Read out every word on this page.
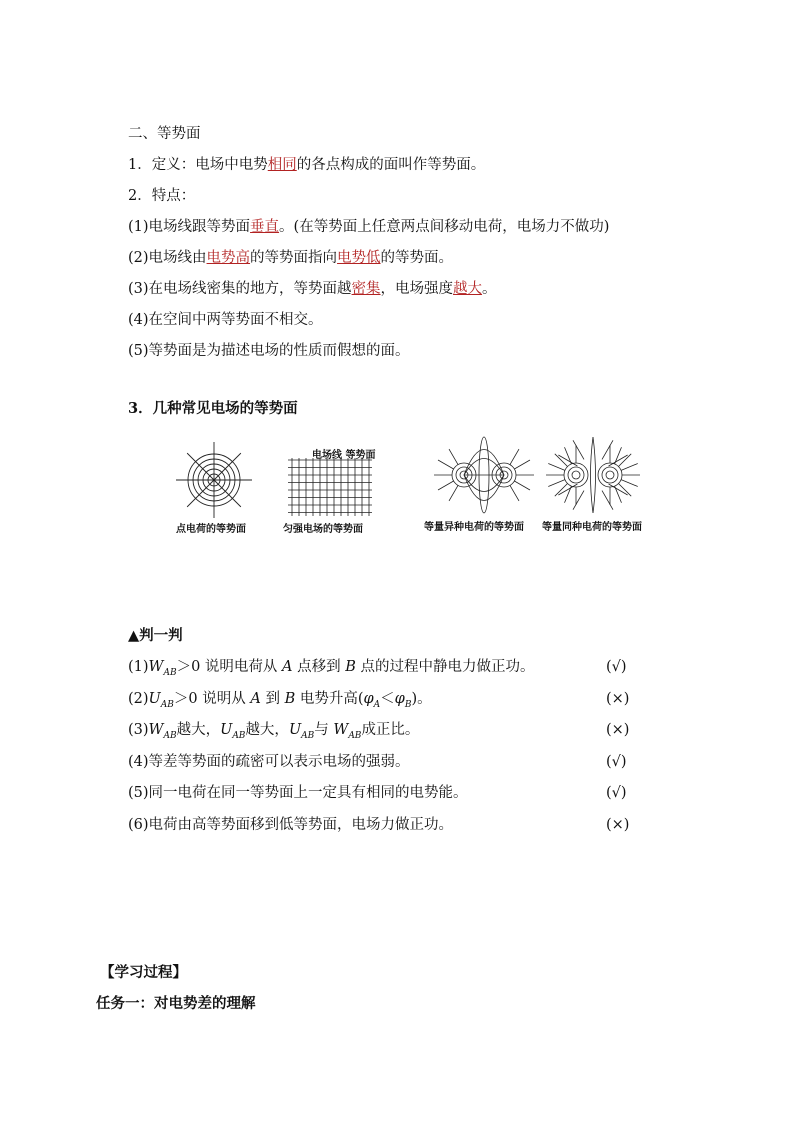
二、等势面
1．定义：电场中电势相同的各点构成的面叫作等势面。
2．特点：
(1)电场线跟等势面垂直。(在等势面上任意两点间移动电荷，电场力不做功)
(2)电场线由电势高的等势面指向电势低的等势面。
(3)在电场线密集的地方，等势面越密集，电场强度越大。
(4)在空间中两等势面不相交。
(5)等势面是为描述电场的性质而假想的面。
3．几种常见电场的等势面
点电荷的等势面
电场线 等势面
匀强电场的等势面	等量异种电荷的等势面 等量同种电荷的等势面
▲判一判
$(1)W_{AB}>0$ 说明电荷从 A 点移到 B 点的过程中静电力做正功。	(√)
$(2)U_{AB}>0$ 说明从 A 到 B 电势升高$(\varphi_A<\varphi_B)$。	(×)
$(3)W_{AB}$越大，$U_{AB}$越大，$U_{AB}$与 $W_{AB}$成正比。	(×)
(4)等差等势面的疏密可以表示电场的强弱。	(√)
(5)同一电荷在同一等势面上一定具有相同的电势能。	(√)
(6)电荷由高等势面移到低等势面，电场力做正功。	(×)
【学习过程】
任务一：对电势差的理解
